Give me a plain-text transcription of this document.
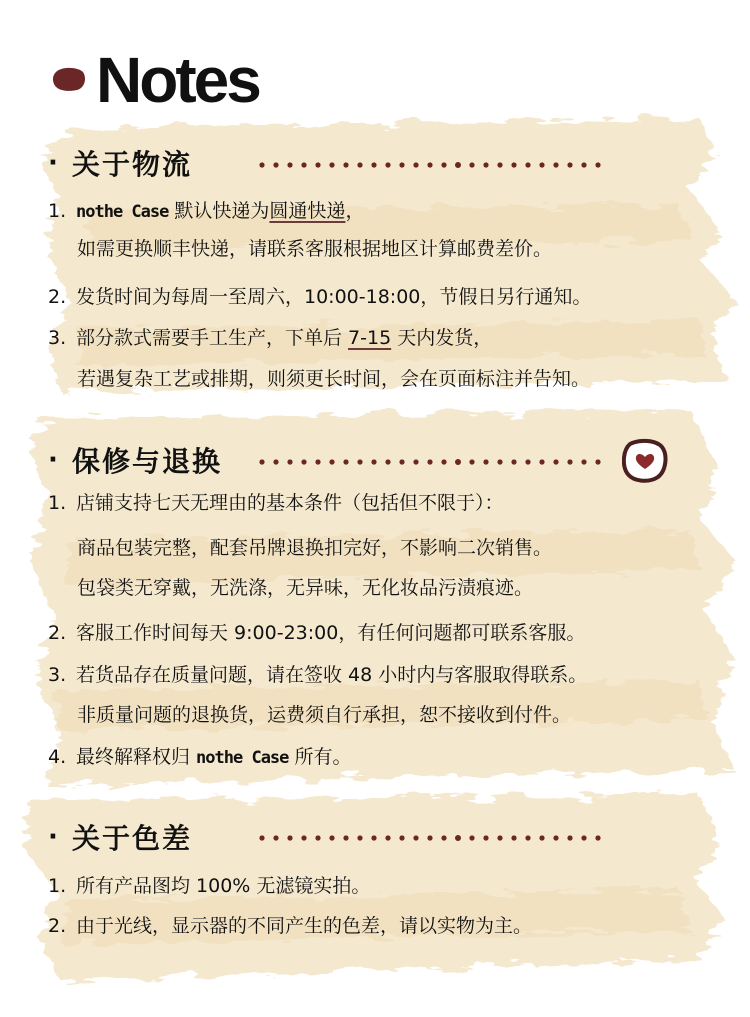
Notes
· 关于物流
1. nothe Case 默认快递为圆通快递，
如需更换顺丰快递，请联系客服根据地区计算邮费差价。
2. 发货时间为每周一至周六，10:00-18:00，节假日另行通知。
3. 部分款式需要手工生产，下单后 7-15 天内发货，
若遇复杂工艺或排期，则须更长时间，会在页面标注并告知。
· 保修与退换
1. 店铺支持七天无理由的基本条件（包括但不限于）：
商品包装完整，配套吊牌退换扣完好，不影响二次销售。
包袋类无穿戴，无洗涤，无异味，无化妆品污渍痕迹。
2. 客服工作时间每天 9:00-23:00，有任何问题都可联系客服。
3. 若货品存在质量问题，请在签收 48 小时内与客服取得联系。
非质量问题的退换货，运费须自行承担，恕不接收到付件。
4. 最终解释权归 nothe Case 所有。
· 关于色差
1. 所有产品图均 100% 无滤镜实拍。
2. 由于光线，显示器的不同产生的色差，请以实物为主。
